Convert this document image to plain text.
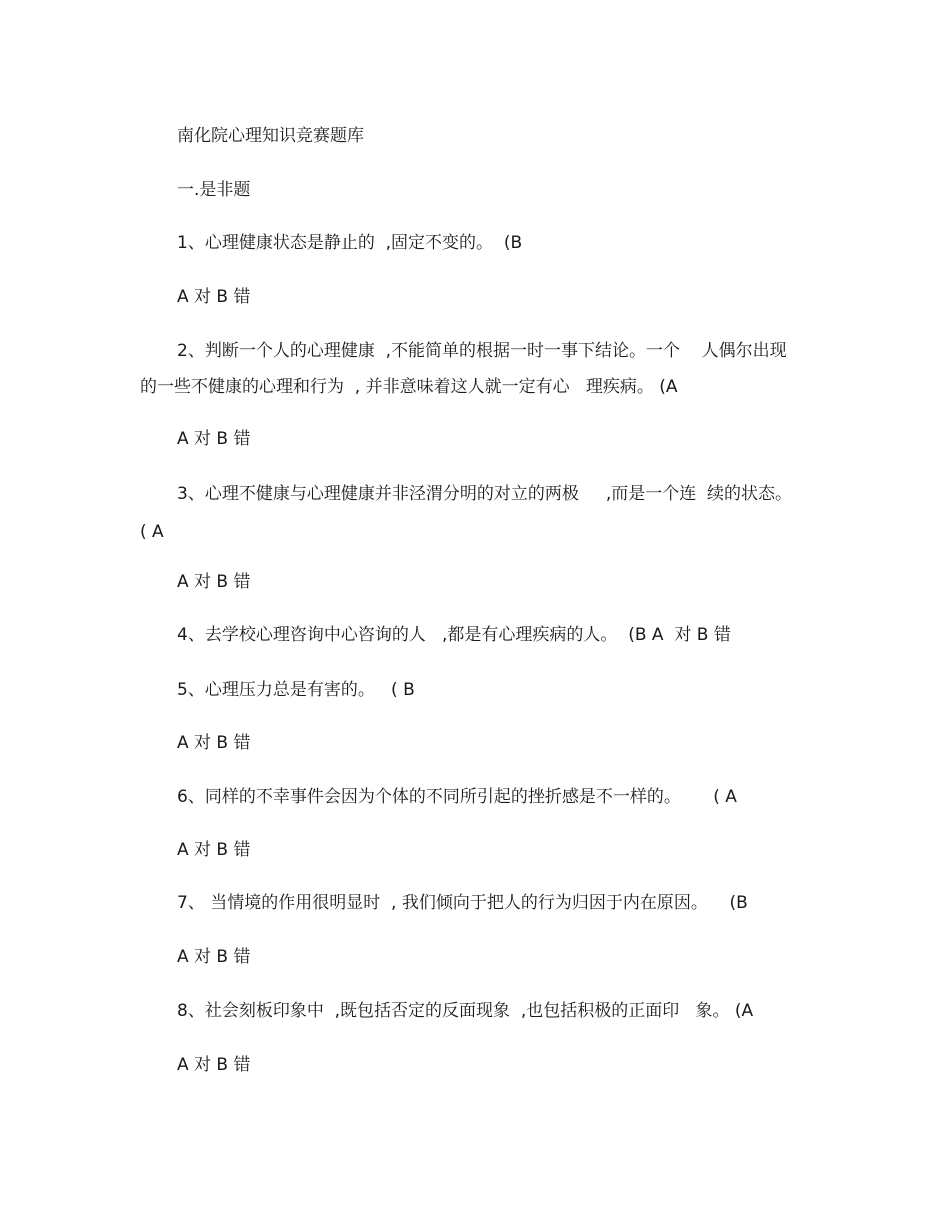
南化院心理知识竞赛题库

一.是非题

1、心理健康状态是静止的  ,固定不变的。  (B

A 对 B 错

2、判断一个人的心理健康  ,不能简单的根据一时一事下结论。一个    人偶尔出现

的一些不健康的心理和行为  , 并非意味着这人就一定有心   理疾病。 (A

A 对 B 错

3、心理不健康与心理健康并非泾渭分明的对立的两极     ,而是一个连  续的状态。

( A

A 对 B 错

4、去学校心理咨询中心咨询的人   ,都是有心理疾病的人。  (B A  对 B 错

5、心理压力总是有害的。   ( B

A 对 B 错

6、同样的不幸事件会因为个体的不同所引起的挫折感是不一样的。      ( A

A 对 B 错

7、 当情境的作用很明显时  , 我们倾向于把人的行为归因于内在原因。    (B

A 对 B 错

8、社会刻板印象中  ,既包括否定的反面现象  ,也包括积极的正面印   象。 (A

A 对 B 错
